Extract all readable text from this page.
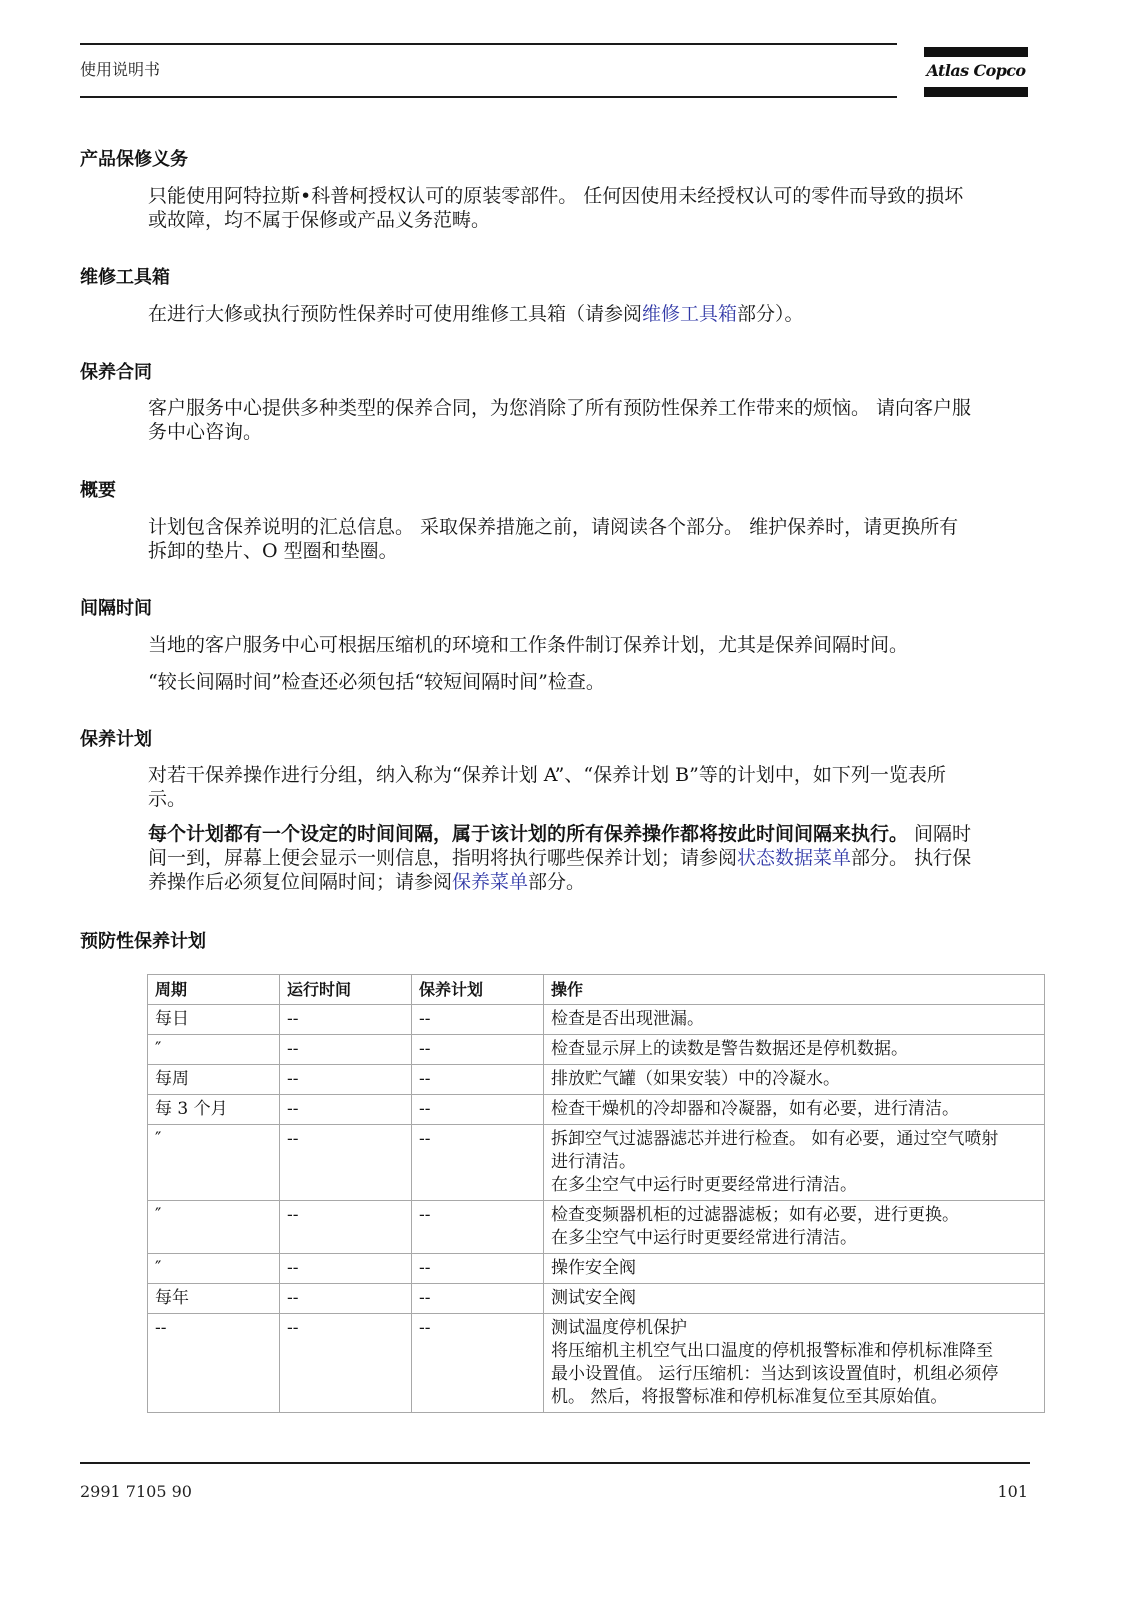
使用说明书	Atlas Copco
产品保修义务
只能使用阿特拉斯•科普柯授权认可的原装零部件。 任何因使用未经授权认可的零件而导致的损坏
或故障，均不属于保修或产品义务范畴。
维修工具箱
在进行大修或执行预防性保养时可使用维修工具箱（请参阅维修工具箱部分）。
保养合同
客户服务中心提供多种类型的保养合同，为您消除了所有预防性保养工作带来的烦恼。 请向客户服
务中心咨询。
概要
计划包含保养说明的汇总信息。 采取保养措施之前，请阅读各个部分。 维护保养时，请更换所有
拆卸的垫片、O 型圈和垫圈。
间隔时间
当地的客户服务中心可根据压缩机的环境和工作条件制订保养计划，尤其是保养间隔时间。
“较长间隔时间”检查还必须包括“较短间隔时间”检查。
保养计划
对若干保养操作进行分组，纳入称为“保养计划 A”、“保养计划 B”等的计划中，如下列一览表所
示。
每个计划都有一个设定的时间间隔，属于该计划的所有保养操作都将按此时间间隔来执行。 间隔时
间一到，屏幕上便会显示一则信息，指明将执行哪些保养计划；请参阅状态数据菜单部分。 执行保
养操作后必须复位间隔时间；请参阅保养菜单部分。
预防性保养计划
周期	运行时间	保养计划	操作
每日	--	--	检查是否出现泄漏。

″	--	--	检查显示屏上的读数是警告数据还是停机数据。

每周	--	--	排放贮气罐（如果安装）中的冷凝水。

每 3 个月	--	--	检查干燥机的冷却器和冷凝器，如有必要，进行清洁。

″	--	--	拆卸空气过滤器滤芯并进行检查。 如有必要，通过空气喷射
进行清洁。
在多尘空气中运行时更要经常进行清洁。

″	--	--	检查变频器机柜的过滤器滤板；如有必要，进行更换。
在多尘空气中运行时更要经常进行清洁。

″	--	--	操作安全阀

每年	--	--	测试安全阀

--	--	--	测试温度停机保护
将压缩机主机空气出口温度的停机报警标准和停机标准降至
最小设置值。 运行压缩机：当达到该设置值时，机组必须停
机。 然后，将报警标准和停机标准复位至其原始值。
2991 7105 90	101
